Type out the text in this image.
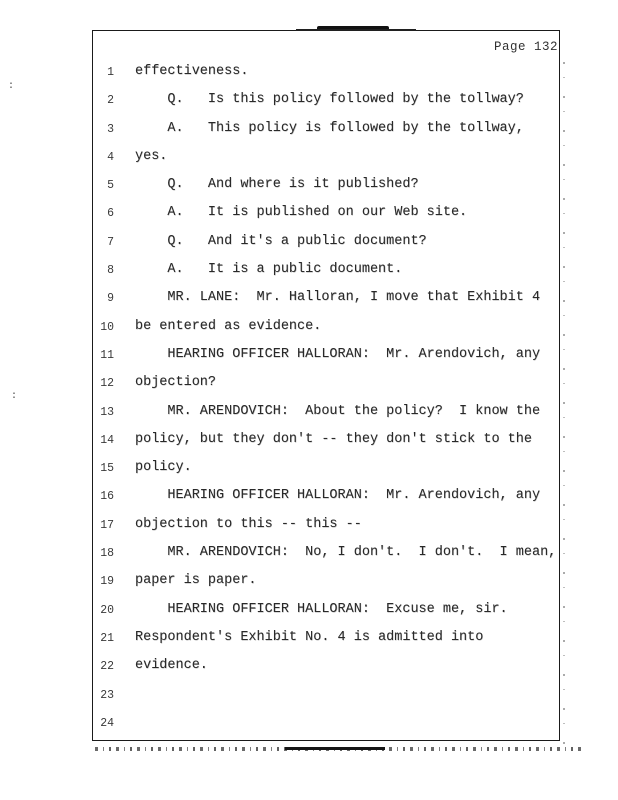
Page 132
1 effectiveness.
2 Q.   Is this policy followed by the tollway?
3 A.   This policy is followed by the tollway,
4 yes.
5 Q.   And where is it published?
6 A.   It is published on our Web site.
7 Q.   And it's a public document?
8 A.   It is a public document.
9 MR. LANE:  Mr. Halloran, I move that Exhibit 4
10 be entered as evidence.
11 HEARING OFFICER HALLORAN:  Mr. Arendovich, any
12 objection?
13 MR. ARENDOVICH:  About the policy?  I know the
14 policy, but they don't -- they don't stick to the
15 policy.
16 HEARING OFFICER HALLORAN:  Mr. Arendovich, any
17 objection to this -- this --
18 MR. ARENDOVICH:  No, I don't.  I don't.  I mean,
19 paper is paper.
20 HEARING OFFICER HALLORAN:  Excuse me, sir.
21 Respondent's Exhibit No. 4 is admitted into
22 evidence.
23
24
:
:
